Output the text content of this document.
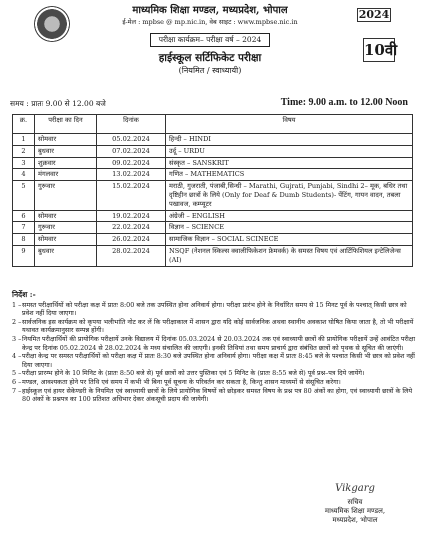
माध्यमिक शिक्षा मण्डल, मध्यप्रदेश, भोपाल
ई-मेल : mpbse @ mp.nic.in, वेब साइट : www.mpbse.nic.in
परीक्षा कार्यक्रम– परीक्षा वर्ष – 2024
हाईस्कूल सर्टिफिकेट परीक्षा
(नियमित / स्वाध्यायी)
2024
10वी
समय : प्रातः 9.00 से 12.00 बजे	Time: 9.00 a.m. to 12.00 Noon
क्र.	परीक्षा का दिन	दिनांक	विषय
1	सोमवार	05.02.2024	हिन्दी – HINDI
2	बुधवार	07.02.2024	उर्दू – URDU
3	शुक्रवार	09.02.2024	संस्कृत – SANSKRIT
4	मंगलवार	13.02.2024	गणित – MATHEMATICS
5	गुरूवार	15.02.2024	मराठी, गुजराती, पंजाबी,सिन्धी – Marathi, Gujrati, Punjabi, Sindhi 2– मूक, बधिर तथा दृष्टिहीन छात्रों के लिये (Only for Deaf & Dumb Students)- पेंटिंग, गायन वादन, तबला पखावज, कम्प्यूटर
6	सोमवार	19.02.2024	अंग्रेजी – ENGLISH
7	गुरूवार	22.02.2024	विज्ञान – SCIENCE
8	सोमवार	26.02.2024	सामाजिक विज्ञान – SOCIAL SCINECE
9	बुधवार	28.02.2024	NSQF (नेशनल स्किल्स क्वालीफिकेशन फ्रेमवर्क) के समस्त विषय एवं आर्टिफिशियल इन्टेलिजेन्स (AI)
निर्देश :-
1 – समस्त परीक्षार्थियों को परीक्षा कक्ष में प्रातः 8:00 बजे तक उपस्थित होना अनिवार्य होगा। परीक्षा प्रारंभ होने के निर्धारित समय से 15 मिनट पूर्व के पश्चात् किसी छात्र को प्रवेश नहीं दिया जाएगा।
2 – सार्वजनिक इस कार्यक्रम को कृपया भलीभांति नोट कर लें कि परीक्षाकाल में शासन द्वारा यदि कोई सार्वजनिक अथवा स्थानीय अवकाश घोषित किया जाता है, तो भी परीक्षायें यथावत कार्यक्रमानुसार सम्पन्न होंगी।
3 – नियमित परीक्षार्थियों की प्रायोगिक परीक्षायें उनके विद्यालय में दिनांक 05.03.2024 से 20.03.2024 तक एवं स्वाध्यायी छात्रों की प्रायोगिक परीक्षायें उन्हें आवंटित परीक्षा केन्द्र पर दिनांक 05.02.2024 से 28.02.2024 के मध्य संचालित की जाएगी। इनकी तिथियां तथा समय प्राचार्य द्वारा संबंधित छात्रों को पृथक से सूचित की जाएंगी।
4 – परीक्षा केन्द्र पर समस्त परीक्षार्थियों को परीक्षा कक्ष में प्रातः 8:30 बजे उपस्थित होना अनिवार्य होगा। परीक्षा कक्ष में प्रातः 8:45 बजे के पश्चात किसी भी छात्र को प्रवेश नहीं दिया जाएगा।
5 – परीक्षा प्रारम्भ होने के 10 मिनिट के (प्रातः 8:50 बजे से) पूर्व छात्रों को उत्तर पुस्तिका एवं 5 मिनिट के (प्रातः 8:55 बजे से) पूर्व प्रश्न–पत्र दिये जायेंगे।
6 – मण्डल, आवश्यकता होने पर तिथि एवं समय में कभी भी बिना पूर्व सूचना के परिवर्तन कर सकता है, किन्तु शासन माध्यमों से संसूचित करेगा।
7 – हाईस्कूल एवं हायर सेकेण्डरी के नियमित एवं स्वाध्यायी छात्रों के लिये प्रायोगिक विषयों को छोड़कर समस्त विषय के प्रश्न पत्र 80 अंकों का होगा, एवं स्वाध्यायी छात्रों के लिये 80 अंकों के प्रश्नपत्र का 100 प्रतिशत अधिभार देकर अंकसूची प्रदाय की जायेगी।
Vikgarg
सचिव
माध्यमिक शिक्षा मण्डल,
मध्यप्रदेश, भोपाल
